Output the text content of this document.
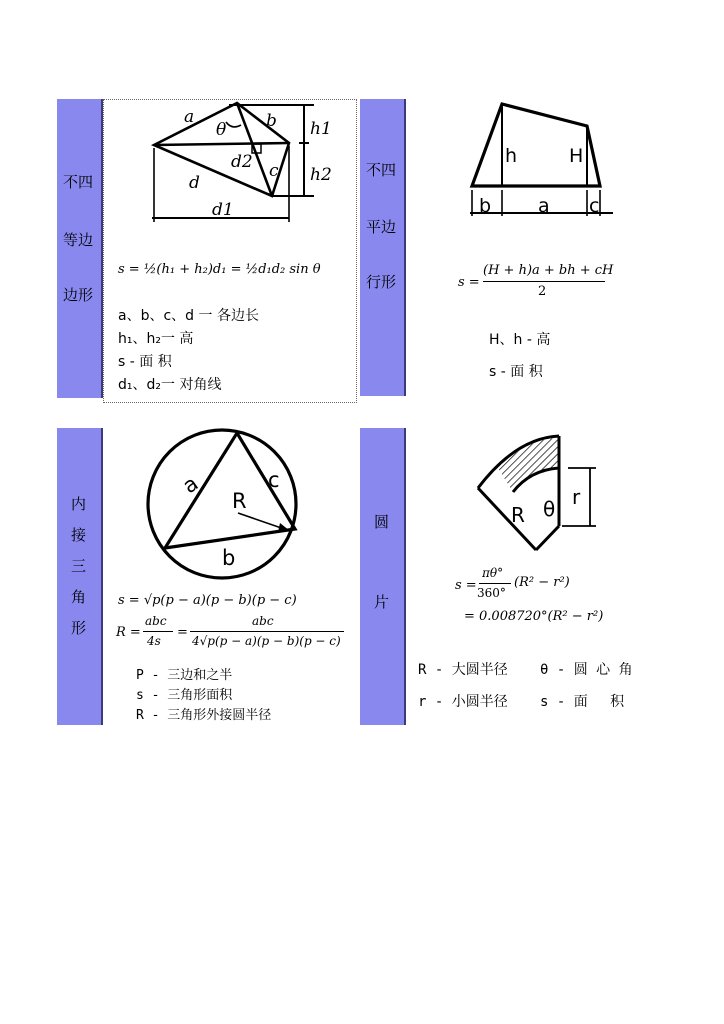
不四
等边
边形
a
θ b h1
d2 c h2
d
d1
s = ½(h₁ + h₂)d₁ = ½d₁d₂ sin θ
a、b、c、d 一 各边长
h₁、h₂一 高
s - 面 积
d₁、d₂一 对角线
不四
平边
行形
h	H
b a c
s =
(H + h)a + bh + cH
2
H、h - 高
s - 面 积
内
接
三
角
形
a	c
R
b
s = √p(p − a)(p − b)(p − c)
R =
abc
4s
=
abc
4√p(p − a)(p − b)(p − c)
P - 三边和之半
s - 三角形面积
R - 三角形外接圆半径
圆
片
R θ r
s =
πθ°
360°
(R² − r²)
= 0.008720°(R² − r²)
R - 大圆半径 θ - 圆 心 角
r - 小圆半径 s - 面　 积
